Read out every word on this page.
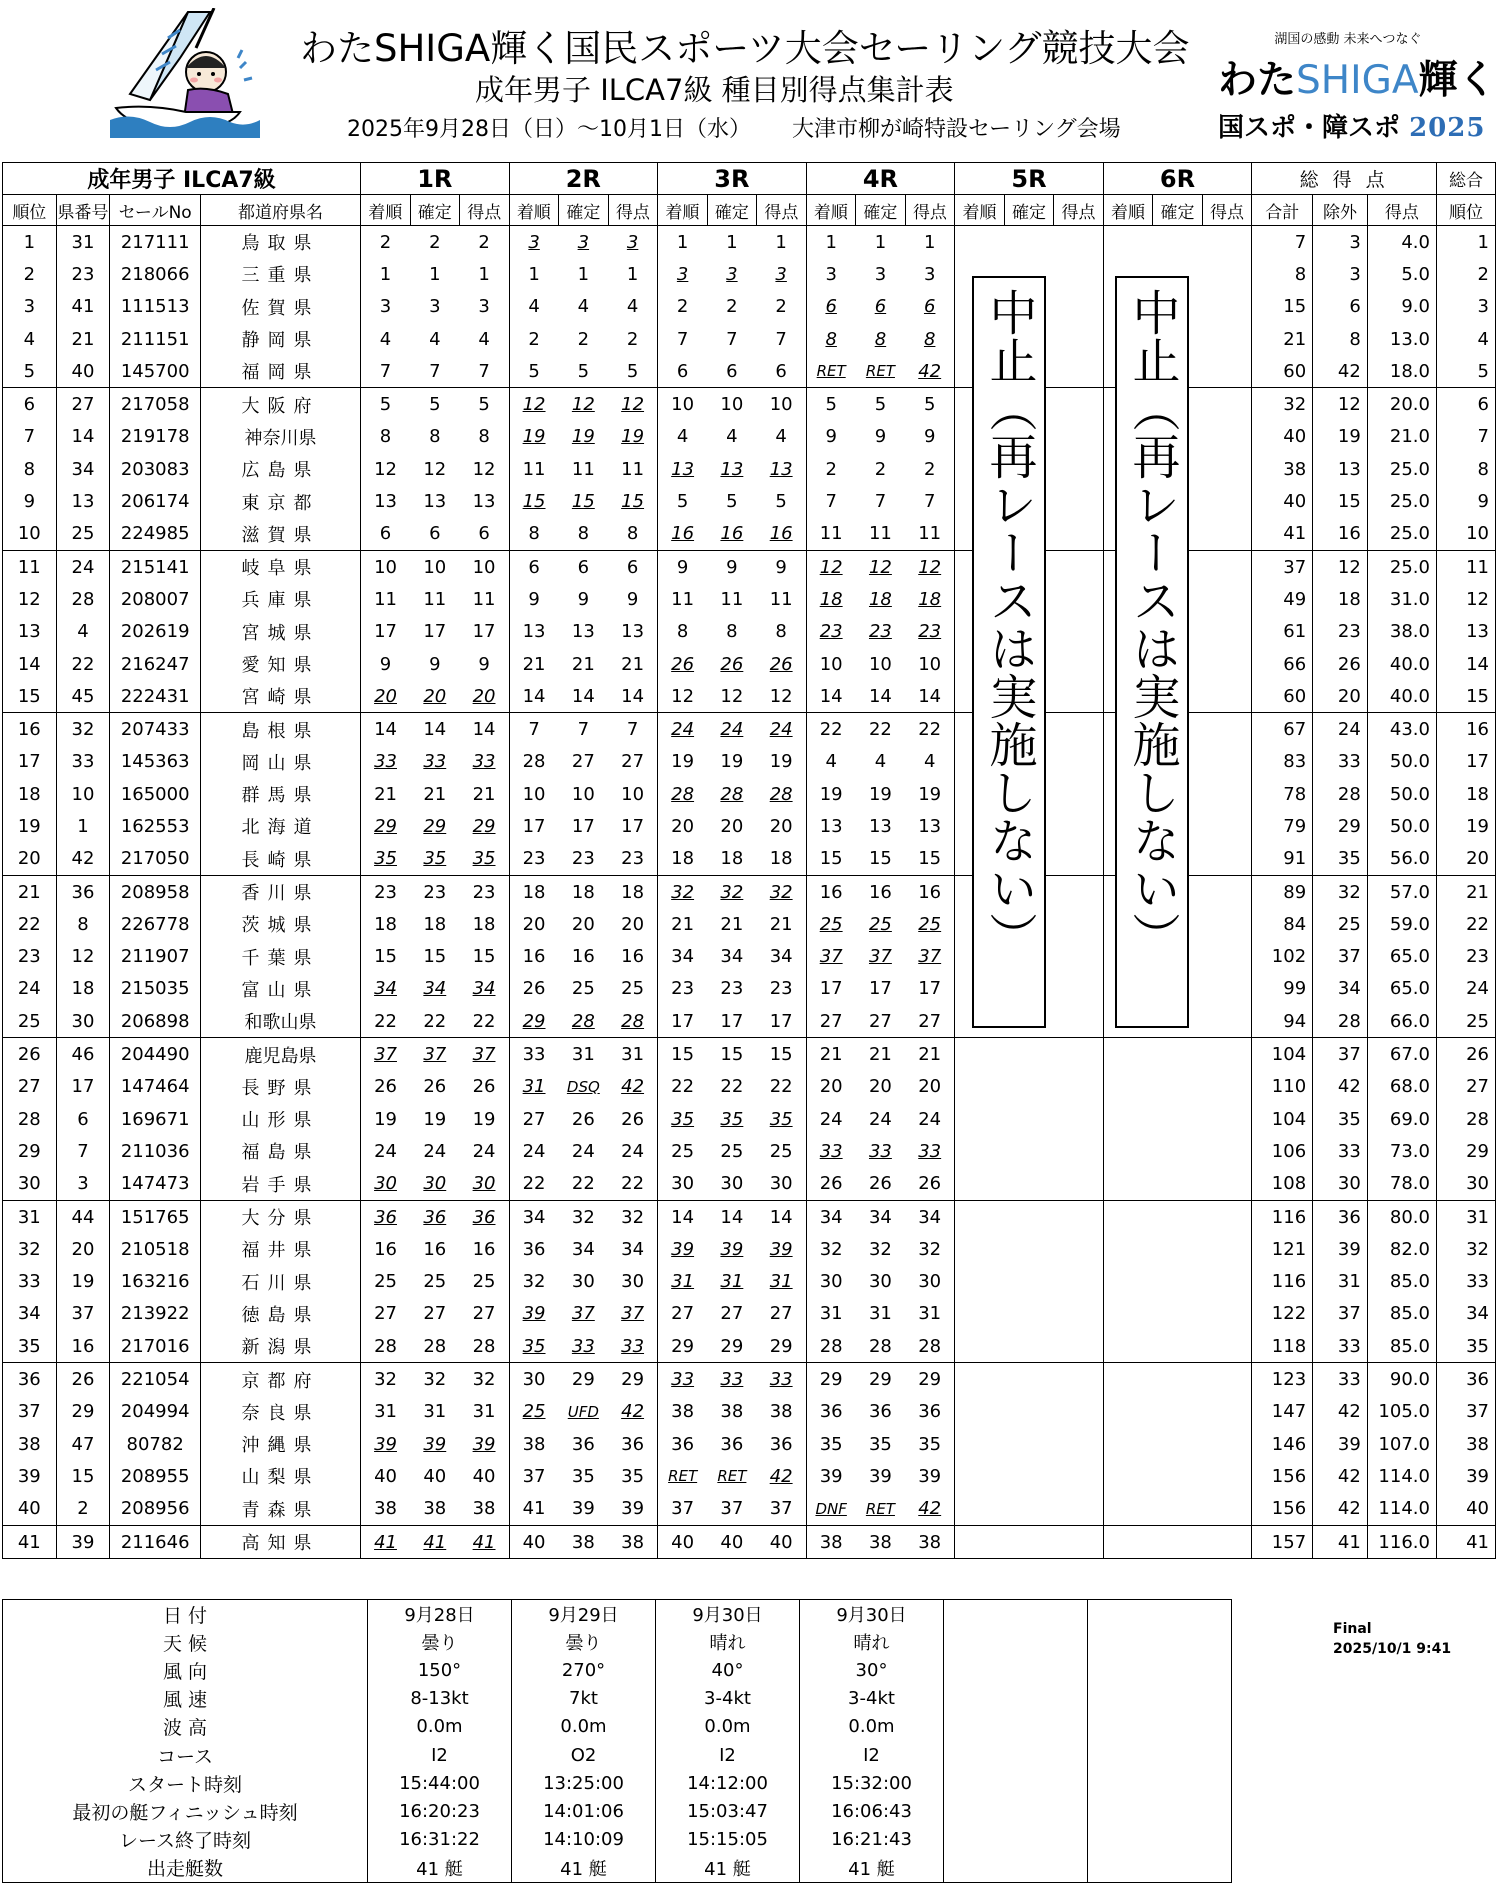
わたSHIGA輝く国民スポーツ大会セーリング競技大会
成年男子 ILCA7級 種目別得点集計表
2025年9月28日（日）～10月1日（水） 大津市柳が崎特設セーリング会場
湖国の感動 未来へつなぐ
わたSHIGA輝く
国スポ・障スポ 2025
成年男子 ILCA7級				1R			2R			3R			4R			5R			6R			総 得 点			総合
順位	県番号	セールNo	都道府県名	着順	確定	得点	着順	確定	得点	着順	確定	得点	着順	確定	得点	着順	確定	得点	着順	確定	得点	合計	除外	得点	順位
1	31	217111	鳥取県	2	2	2	3	3	3	1	1	1	1	1	1							7	3	4.0	1
2	23	218066	三重県	1	1	1	1	1	1	3	3	3	3	3	3							8	3	5.0	2
3	41	111513	佐賀県	3	3	3	4	4	4	2	2	2	6	6	6							15	6	9.0	3
4	21	211151	静岡県	4	4	4	2	2	2	7	7	7	8	8	8							21	8	13.0	4
5	40	145700	福岡県	7	7	7	5	5	5	6	6	6	RET	RET	42							60	42	18.0	5
6	27	217058	大阪府	5	5	5	12	12	12	10	10	10	5	5	5							32	12	20.0	6
7	14	219178	神奈川県	8	8	8	19	19	19	4	4	4	9	9	9							40	19	21.0	7
8	34	203083	広島県	12	12	12	11	11	11	13	13	13	2	2	2							38	13	25.0	8
9	13	206174	東京都	13	13	13	15	15	15	5	5	5	7	7	7							40	15	25.0	9
10	25	224985	滋賀県	6	6	6	8	8	8	16	16	16	11	11	11							41	16	25.0	10
11	24	215141	岐阜県	10	10	10	6	6	6	9	9	9	12	12	12							37	12	25.0	11
12	28	208007	兵庫県	11	11	11	9	9	9	11	11	11	18	18	18							49	18	31.0	12
13	4	202619	宮城県	17	17	17	13	13	13	8	8	8	23	23	23							61	23	38.0	13
14	22	216247	愛知県	9	9	9	21	21	21	26	26	26	10	10	10							66	26	40.0	14
15	45	222431	宮崎県	20	20	20	14	14	14	12	12	12	14	14	14							60	20	40.0	15
16	32	207433	島根県	14	14	14	7	7	7	24	24	24	22	22	22							67	24	43.0	16
17	33	145363	岡山県	33	33	33	28	27	27	19	19	19	4	4	4							83	33	50.0	17
18	10	165000	群馬県	21	21	21	10	10	10	28	28	28	19	19	19							78	28	50.0	18
19	1	162553	北海道	29	29	29	17	17	17	20	20	20	13	13	13							79	29	50.0	19
20	42	217050	長崎県	35	35	35	23	23	23	18	18	18	15	15	15							91	35	56.0	20
21	36	208958	香川県	23	23	23	18	18	18	32	32	32	16	16	16							89	32	57.0	21
22	8	226778	茨城県	18	18	18	20	20	20	21	21	21	25	25	25							84	25	59.0	22
23	12	211907	千葉県	15	15	15	16	16	16	34	34	34	37	37	37							102	37	65.0	23
24	18	215035	富山県	34	34	34	26	25	25	23	23	23	17	17	17							99	34	65.0	24
25	30	206898	和歌山県	22	22	22	29	28	28	17	17	17	27	27	27							94	28	66.0	25
26	46	204490	鹿児島県	37	37	37	33	31	31	15	15	15	21	21	21							104	37	67.0	26
27	17	147464	長野県	26	26	26	31	DSQ	42	22	22	22	20	20	20							110	42	68.0	27
28	6	169671	山形県	19	19	19	27	26	26	35	35	35	24	24	24							104	35	69.0	28
29	7	211036	福島県	24	24	24	24	24	24	25	25	25	33	33	33							106	33	73.0	29
30	3	147473	岩手県	30	30	30	22	22	22	30	30	30	26	26	26							108	30	78.0	30
31	44	151765	大分県	36	36	36	34	32	32	14	14	14	34	34	34							116	36	80.0	31
32	20	210518	福井県	16	16	16	36	34	34	39	39	39	32	32	32							121	39	82.0	32
33	19	163216	石川県	25	25	25	32	30	30	31	31	31	30	30	30							116	31	85.0	33
34	37	213922	徳島県	27	27	27	39	37	37	27	27	27	31	31	31							122	37	85.0	34
35	16	217016	新潟県	28	28	28	35	33	33	29	29	29	28	28	28							118	33	85.0	35
36	26	221054	京都府	32	32	32	30	29	29	33	33	33	29	29	29							123	33	90.0	36
37	29	204994	奈良県	31	31	31	25	UFD	42	38	38	38	36	36	36							147	42	105.0	37
38	47	80782	沖縄県	39	39	39	38	36	36	36	36	36	35	35	35							146	39	107.0	38
39	15	208955	山梨県	40	40	40	37	35	35	RET	RET	42	39	39	39							156	42	114.0	39
40	2	208956	青森県	38	38	38	41	39	39	37	37	37	DNF	RET	42							156	42	114.0	40
41	39	211646	高知県	41	41	41	40	38	38	40	40	40	38	38	38							157	41	116.0	41
中止（再レースは実施しない） 中止（再レースは実施しない）
日 付	9月28日	9月29日	9月30日	9月30日		
天 候	曇り	曇り	晴れ	晴れ		
風 向	150°	270°	40°	30°		
風 速	8-13kt	7kt	3-4kt	3-4kt		
波 高	0.0m	0.0m	0.0m	0.0m		
コース	I2	O2	I2	I2		
スタート時刻	15:44:00	13:25:00	14:12:00	15:32:00		
最初の艇フィニッシュ時刻	16:20:23	14:01:06	15:03:47	16:06:43		
レース終了時刻	16:31:22	14:10:09	15:15:05	16:21:43		
出走艇数	41 艇	41 艇	41 艇	41 艇		
Final
2025/10/1 9:41
